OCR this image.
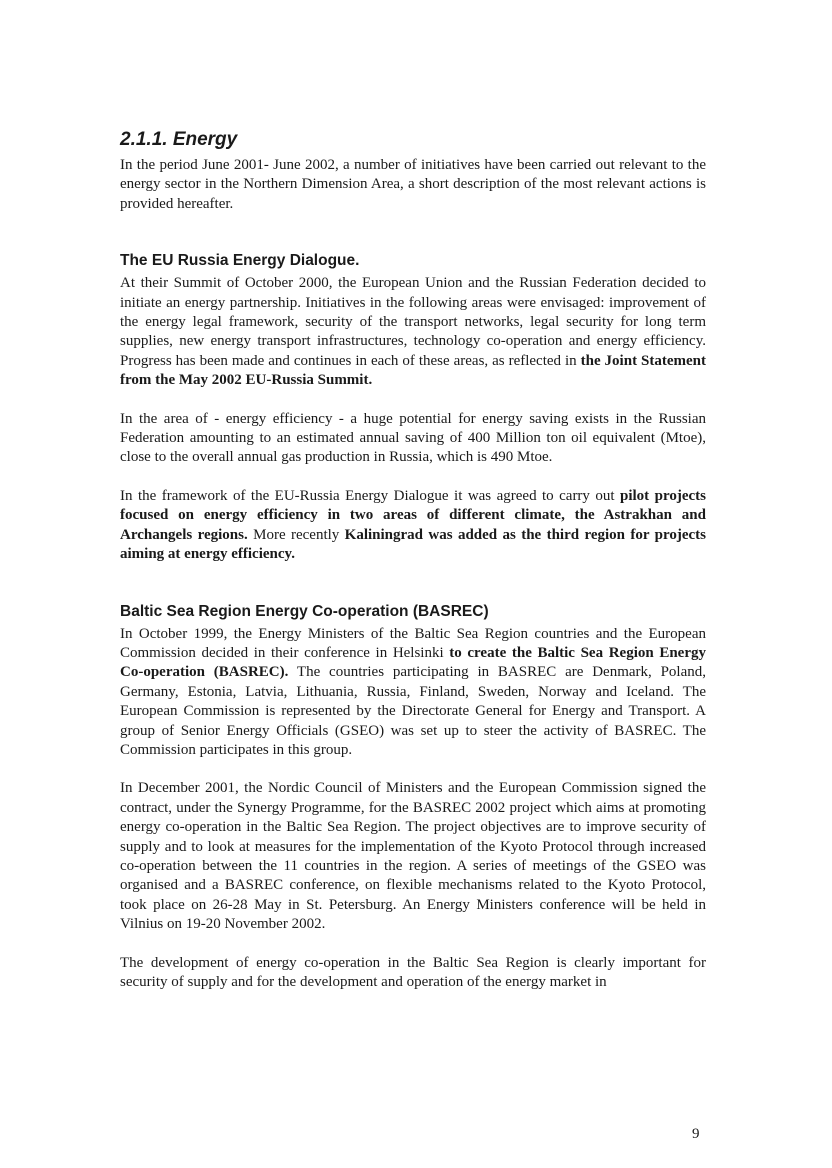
2.1.1. Energy

In the period June 2001- June 2002, a number of initiatives have been carried out relevant to the energy sector in the Northern Dimension Area, a short description of the most relevant actions is provided hereafter.

The EU Russia Energy Dialogue.

At their Summit of October 2000, the European Union and the Russian Federation decided to initiate an energy partnership. Initiatives in the following areas were envisaged: improvement of the energy legal framework, security of the transport networks, legal security for long term supplies, new energy transport infrastructures, technology co-operation and energy efficiency. Progress has been made and continues in each of these areas, as reflected in the Joint Statement from the May 2002 EU-Russia Summit.

In the area of - energy efficiency - a huge potential for energy saving exists in the Russian Federation amounting to an estimated annual saving of 400 Million ton oil equivalent (Mtoe), close to the overall annual gas production in Russia, which is 490 Mtoe.

In the framework of the EU-Russia Energy Dialogue it was agreed to carry out pilot projects focused on energy efficiency in two areas of different climate, the Astrakhan and Archangels regions. More recently Kaliningrad was added as the third region for projects aiming at energy efficiency.

Baltic Sea Region Energy Co-operation (BASREC)

In October 1999, the Energy Ministers of the Baltic Sea Region countries and the European Commission decided in their conference in Helsinki to create the Baltic Sea Region Energy Co-operation (BASREC). The countries participating in BASREC are Denmark, Poland, Germany, Estonia, Latvia, Lithuania, Russia, Finland, Sweden, Norway and Iceland. The European Commission is represented by the Directorate General for Energy and Transport. A group of Senior Energy Officials (GSEO) was set up to steer the activity of BASREC. The Commission participates in this group.

In December 2001, the Nordic Council of Ministers and the European Commission signed the contract, under the Synergy Programme, for the BASREC 2002 project which aims at promoting energy co-operation in the Baltic Sea Region. The project objectives are to improve security of supply and to look at measures for the implementation of the Kyoto Protocol through increased co-operation between the 11 countries in the region. A series of meetings of the GSEO was organised and a BASREC conference, on flexible mechanisms related to the Kyoto Protocol, took place on 26-28 May in St. Petersburg. An Energy Ministers conference will be held in Vilnius on 19-20 November 2002.

The development of energy co-operation in the Baltic Sea Region is clearly important for security of supply and for the development and operation of the energy market in

9
